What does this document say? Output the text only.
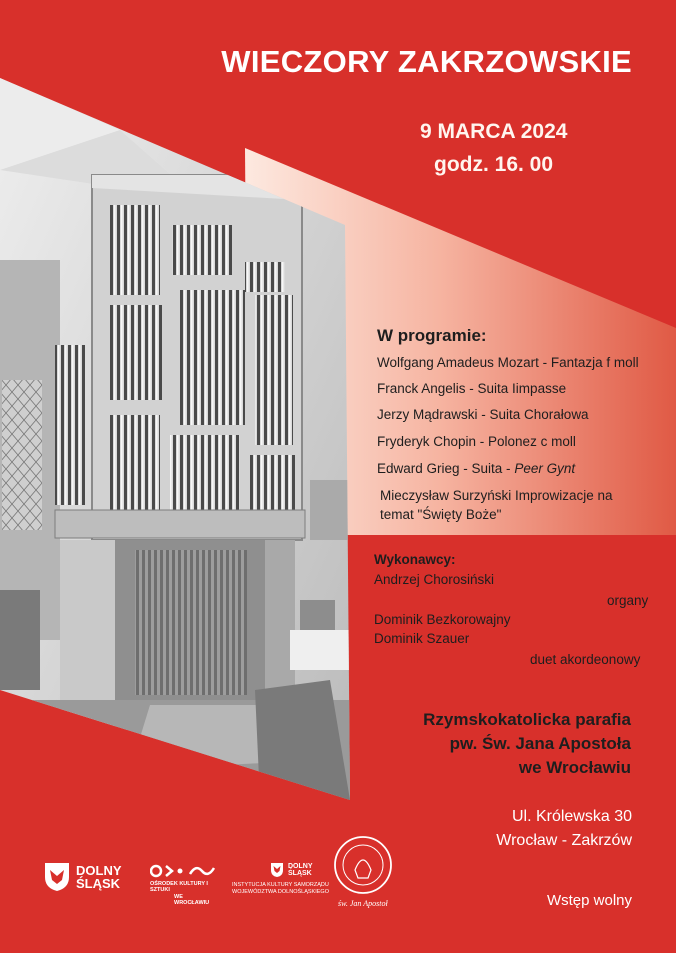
WIECZORY ZAKRZOWSKIE

9 MARCA 2024

godz. 16. 00

W programie:

Wolfgang Amadeus Mozart - Fantazja f moll

Franck Angelis - Suita Iimpasse

Jerzy Mądrawski - Suita Chorałowa

Fryderyk Chopin - Polonez c moll

Edward Grieg - Suita - Peer Gynt

Mieczysław Surzyński Improwizacje na

temat "Święty Boże"

Wykonawcy:

Andrzej Chorosiński

organy

Dominik Bezkorowajny

Dominik Szauer

duet akordeonowy

Rzymskokatolicka parafia

pw. Św. Jana Apostoła

we Wrocławiu

Ul. Królewska 30

Wrocław - Zakrzów

Wstęp wolny

DOLNY
ŚLĄSK	OŚRODEK KULTURY I SZTUKI
WE WROCŁAWIU
DOLNY
ŚLĄSK
INSTYTUCJA KULTURY SAMORZĄDU
WOJEWÓDZTWA DOLNOŚLĄSKIEGO

św. Jan Apostoł
